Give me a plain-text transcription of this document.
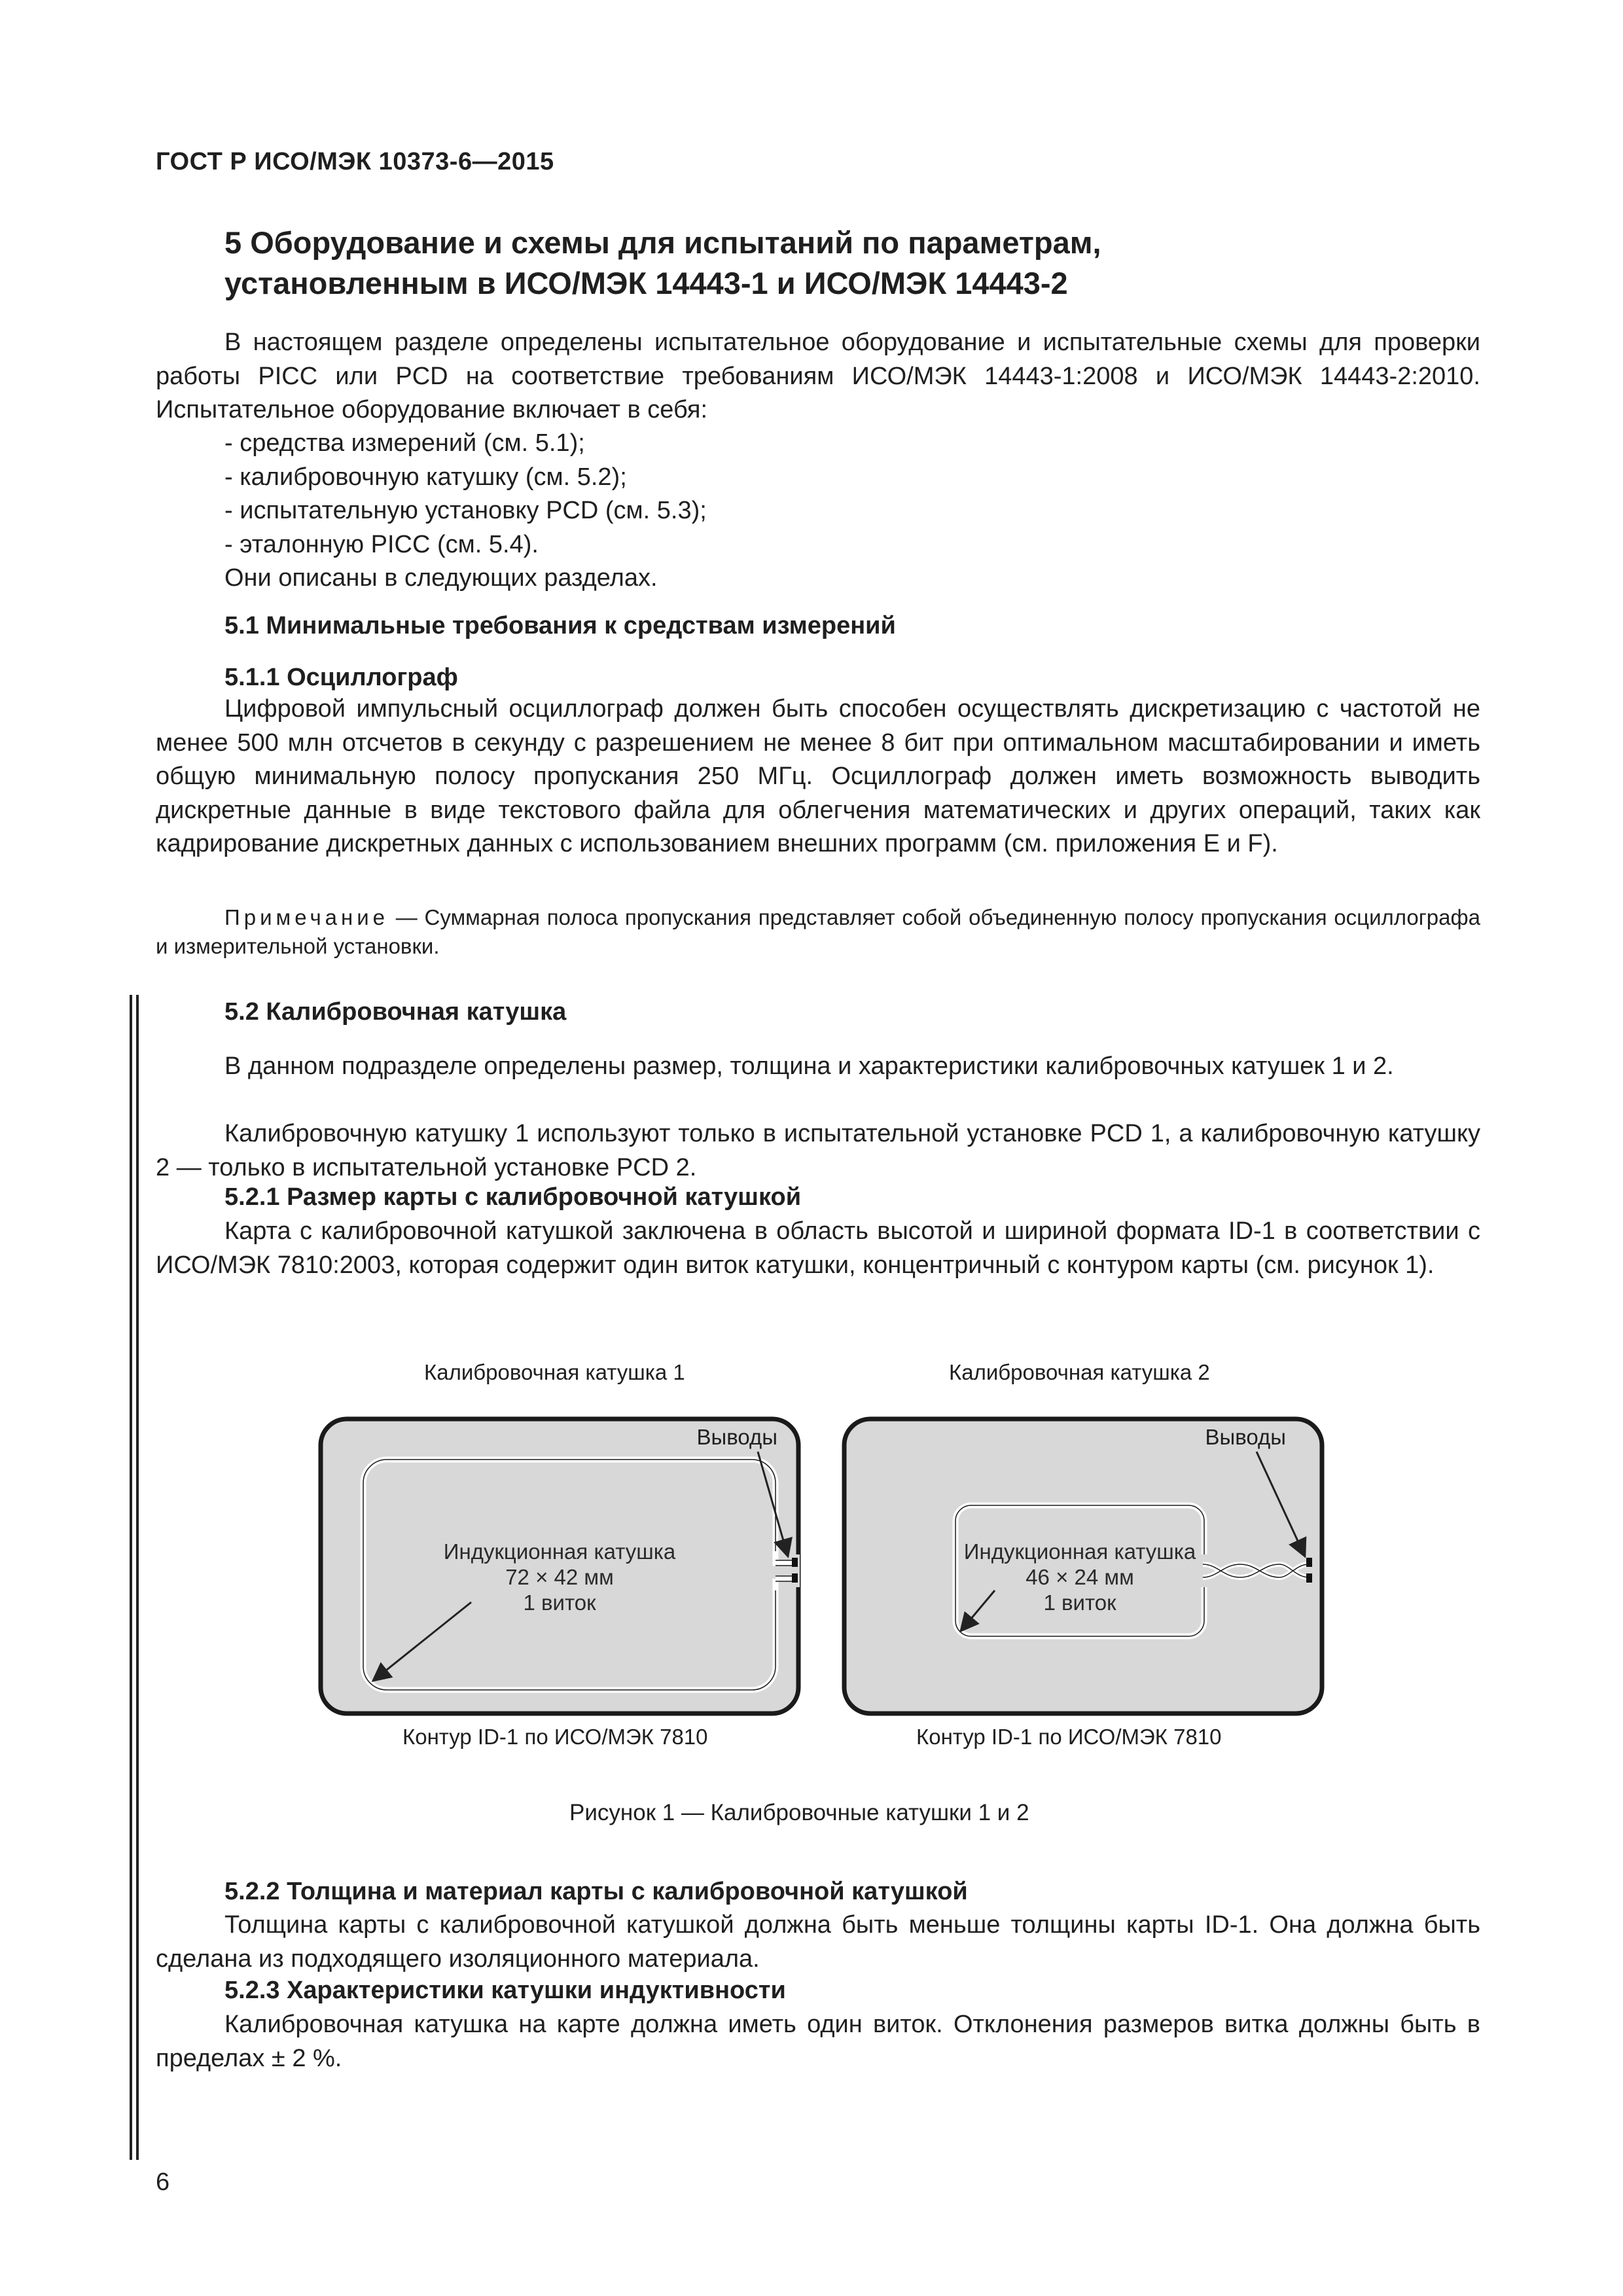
ГОСТ Р ИСО/МЭК 10373-6—2015

5 Оборудование и схемы для испытаний по параметрам,
установленным в ИСО/МЭК 14443-1 и ИСО/МЭК 14443-2

В настоящем разделе определены испытательное оборудование и испытательные схемы для проверки работы PICC или PCD на соответствие требованиям ИСО/МЭК 14443-1:2008 и ИСО/МЭК 14443-2:2010. Испытательное оборудование включает в себя:

- средства измерений (см. 5.1);

- калибровочную катушку (см. 5.2);

- испытательную установку PCD (см. 5.3);

- эталонную PICC (см. 5.4).

Они описаны в следующих разделах.

5.1 Минимальные требования к средствам измерений

5.1.1 Осциллограф

Цифровой импульсный осциллограф должен быть способен осуществлять дискретизацию с частотой не менее 500 млн отсчетов в секунду с разрешением не менее 8 бит при оптимальном масштабировании и иметь общую минимальную полосу пропускания 250 МГц. Осциллограф должен иметь возможность выводить дискретные данные в виде текстового файла для облегчения математических и других операций, таких как кадрирование дискретных данных с использованием внешних программ (см. приложения Е и F).

Примечание — Суммарная полоса пропускания представляет собой объединенную полосу пропускания осциллографа и измерительной установки.

5.2 Калибровочная катушка

В данном подразделе определены размер, толщина и характеристики калибровочных катушек 1 и 2.

Калибровочную катушку 1 используют только в испытательной установке PCD 1, а калибровочную катушку 2 — только в испытательной установке PCD 2.

5.2.1 Размер карты с калибровочной катушкой

Карта с калибровочной катушкой заключена в область высотой и шириной формата ID-1 в соответствии с ИСО/МЭК 7810:2003, которая содержит один виток катушки, концентричный с контуром карты (см. рисунок 1).

Калибровочная катушка 1	Калибровочная катушка 2

Выводы
Индукционная катушка
72 × 42 мм
1 виток
Выводы
Индукционная катушка
46 × 24 мм
1 виток

Контур ID-1 по ИСО/МЭК 7810	Контур ID-1 по ИСО/МЭК 7810

Рисунок 1 — Калибровочные катушки 1 и 2

5.2.2 Толщина и материал карты с калибровочной катушкой

Толщина карты с калибровочной катушкой должна быть меньше толщины карты ID-1. Она должна быть сделана из подходящего изоляционного материала.

5.2.3 Характеристики катушки индуктивности

Калибровочная катушка на карте должна иметь один виток. Отклонения размеров витка должны быть в пределах ± 2 %.

6
